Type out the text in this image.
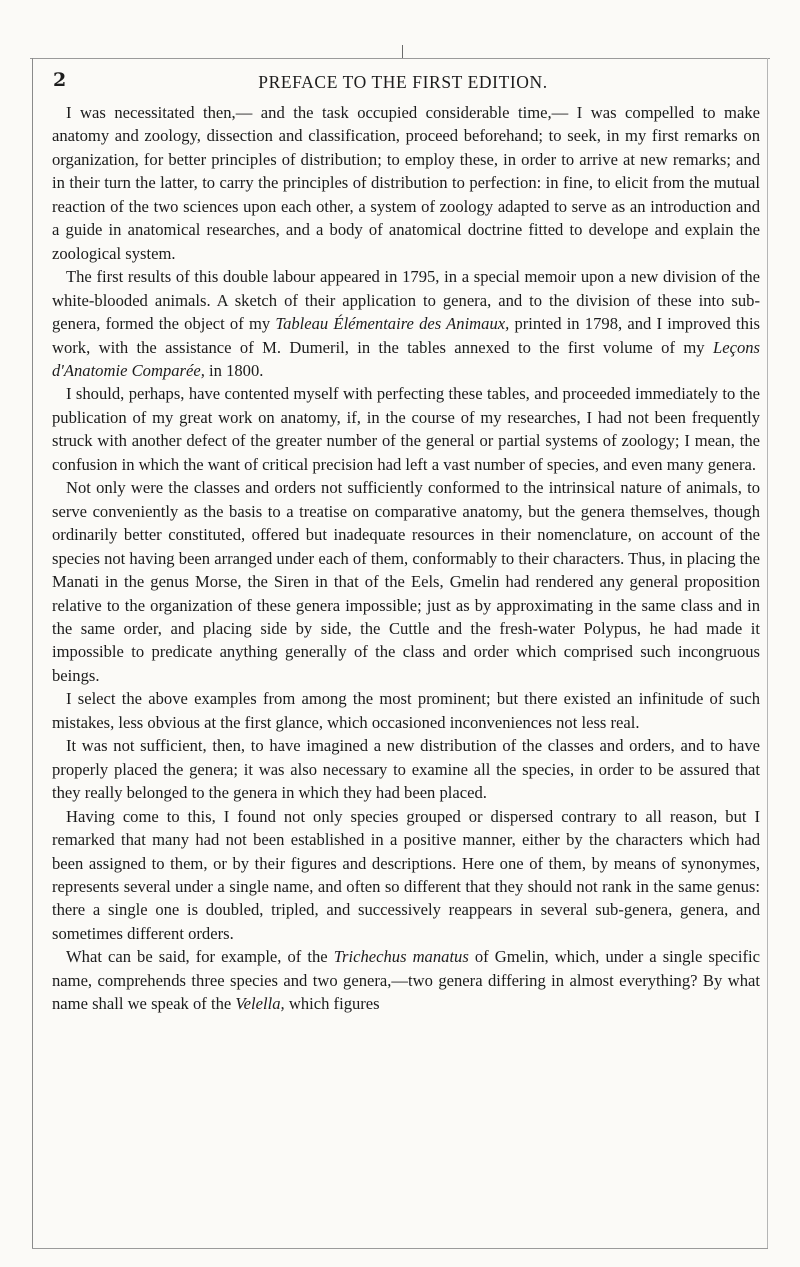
2	PREFACE TO THE FIRST EDITION.

I was necessitated then,— and the task occupied considerable time,— I was compelled to make anatomy and zoology, dissection and classification, proceed beforehand; to seek, in my first remarks on organization, for better principles of distribution; to employ these, in order to arrive at new remarks; and in their turn the latter, to carry the principles of distribution to perfection: in fine, to elicit from the mutual reaction of the two sciences upon each other, a system of zoology adapted to serve as an introduction and a guide in anatomical researches, and a body of anatomical doctrine fitted to develope and explain the zoological system.

The first results of this double labour appeared in 1795, in a special memoir upon a new division of the white-blooded animals. A sketch of their application to genera, and to the division of these into sub-genera, formed the object of my Tableau Élémentaire des Animaux, printed in 1798, and I improved this work, with the assistance of M. Dumeril, in the tables annexed to the first volume of my Leçons d'Anatomie Comparée, in 1800.

I should, perhaps, have contented myself with perfecting these tables, and proceeded immediately to the publication of my great work on anatomy, if, in the course of my researches, I had not been frequently struck with another defect of the greater number of the general or partial systems of zoology; I mean, the confusion in which the want of critical precision had left a vast number of species, and even many genera.

Not only were the classes and orders not sufficiently conformed to the intrinsical nature of animals, to serve conveniently as the basis to a treatise on comparative anatomy, but the genera themselves, though ordinarily better constituted, offered but inadequate resources in their nomenclature, on account of the species not having been arranged under each of them, conformably to their characters. Thus, in placing the Manati in the genus Morse, the Siren in that of the Eels, Gmelin had rendered any general proposition relative to the organization of these genera impossible; just as by approximating in the same class and in the same order, and placing side by side, the Cuttle and the fresh-water Polypus, he had made it impossible to predicate anything generally of the class and order which comprised such incongruous beings.

I select the above examples from among the most prominent; but there existed an infinitude of such mistakes, less obvious at the first glance, which occasioned inconveniences not less real.

It was not sufficient, then, to have imagined a new distribution of the classes and orders, and to have properly placed the genera; it was also necessary to examine all the species, in order to be assured that they really belonged to the genera in which they had been placed.

Having come to this, I found not only species grouped or dispersed contrary to all reason, but I remarked that many had not been established in a positive manner, either by the characters which had been assigned to them, or by their figures and descriptions. Here one of them, by means of synonymes, represents several under a single name, and often so different that they should not rank in the same genus: there a single one is doubled, tripled, and successively reappears in several sub-genera, genera, and sometimes different orders.

What can be said, for example, of the Trichechus manatus of Gmelin, which, under a single specific name, comprehends three species and two genera,—two genera differing in almost everything? By what name shall we speak of the Velella, which figures
